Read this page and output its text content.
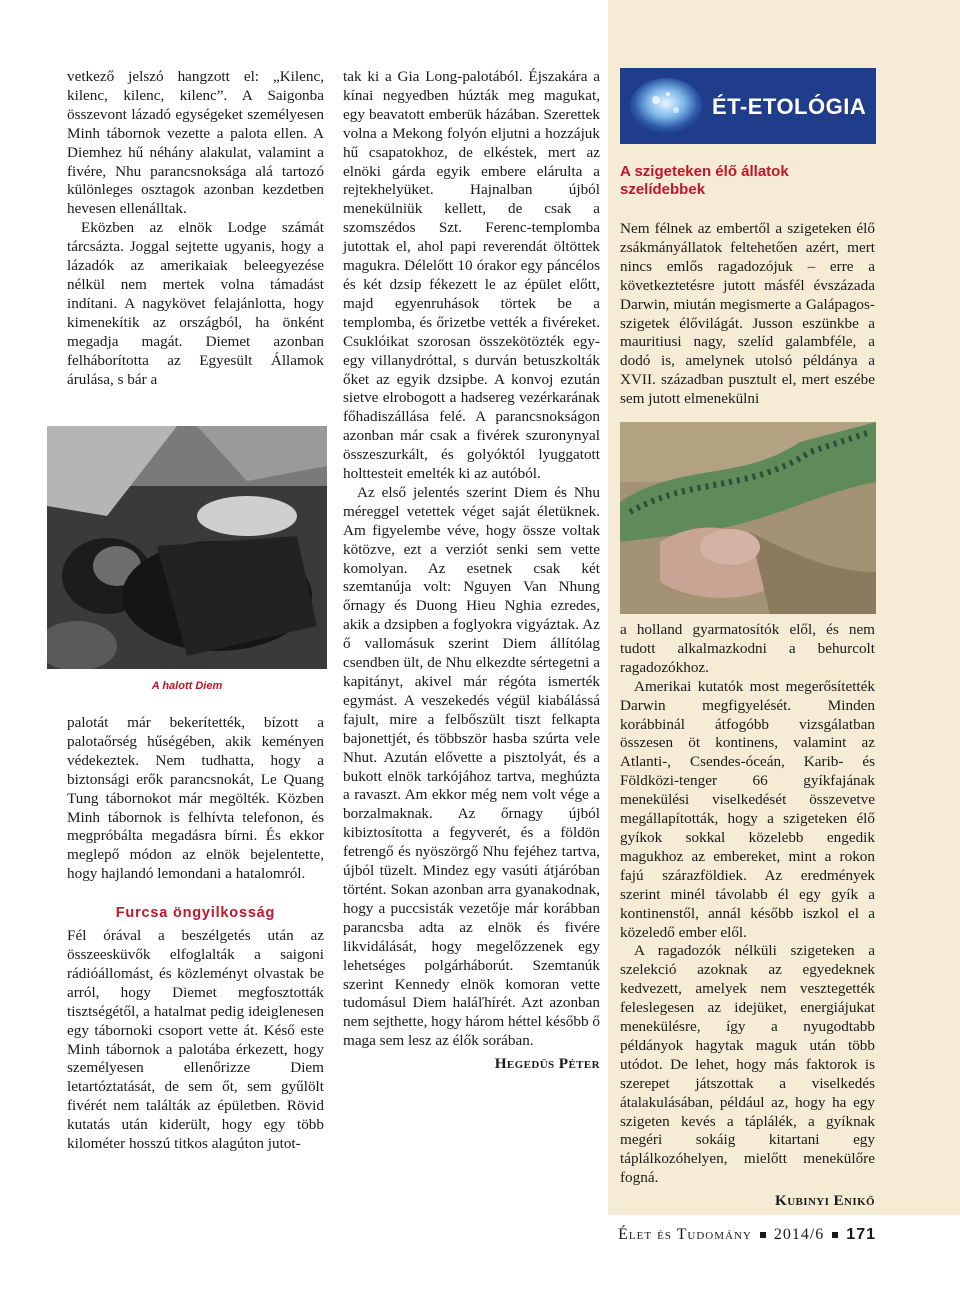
vetkező jelszó hangzott el: „Kilenc, kilenc, kilenc, kilenc”. A Saigonba összevont lázadó egységeket személyesen Minh tábornok vezette a palota ellen. A Diemhez hű néhány alakulat, valamint a fivére, Nhu parancsnoksága alá tartozó különleges osztagok azonban kezdetben hevesen ellenálltak.

Eközben az elnök Lodge számát tárcsázta. Joggal sejtette ugyanis, hogy a lázadók az amerikaiak beleegyezése nélkül nem mertek volna támadást indítani. A nagykövet felajánlotta, hogy kimenekítik az országból, ha önként megadja magát. Diemet azonban felháborította az Egyesült Államok árulása, s bár a

A halott Diem

palotát már bekerítették, bízott a palotaőrség hűségében, akik keményen védekeztek. Nem tudhatta, hogy a biztonsági erők parancsnokát, Le Quang Tung tábornokot már megölték. Közben Minh tábornok is felhívta telefonon, és megpróbálta megadásra bírni. És ekkor meglepő módon az elnök bejelentette, hogy hajlandó lemondani a hatalomról.

Furcsa öngyilkosság

Fél órával a beszélgetés után az összeesküvők elfoglalták a saigoni rádióállomást, és közleményt olvastak be arról, hogy Diemet megfosztották tisztségétől, a hatalmat pedig ideiglenesen egy tábornoki csoport vette át. Késő este Minh tábornok a palotába érkezett, hogy személyesen ellenőrizze Diem letartóztatását, de sem őt, sem gyűlölt fivérét nem találták az épületben. Rövid kutatás után kiderült, hogy egy több kilométer hosszú titkos alagúton jutot-

tak ki a Gia Long-palotából. Éjszakára a kínai negyedben húzták meg magukat, egy beavatott emberük házában. Szerettek volna a Mekong folyón eljutni a hozzájuk hű csapatokhoz, de elkéstek, mert az elnöki gárda egyik embere elárulta a rejtekhelyüket. Hajnalban újból menekülniük kellett, de csak a szomszédos Szt. Ferenc-templomba jutottak el, ahol papi reverendát öltöttek magukra. Délelőtt 10 órakor egy páncélos és két dzsip fékezett le az épület előtt, majd egyenruhások törtek be a templomba, és őrizetbe vették a fivéreket. Csuklóikat szorosan összekötözték egy-egy villanydróttal, s durván betuszkolták őket az egyik dzsipbe. A konvoj ezután sietve elrobogott a hadsereg vezérkarának főhadiszállása felé. A parancsnokságon azonban már csak a fivérek szuronynyal összeszurkált, és golyóktól lyuggatott holttesteit emelték ki az autóból.

Az első jelentés szerint Diem és Nhu méreggel vetettek véget saját életüknek. Am figyelembe véve, hogy össze voltak kötözve, ezt a verziót senki sem vette komolyan. Az esetnek csak két szemtanúja volt: Nguyen Van Nhung őrnagy és Duong Hieu Nghia ezredes, akik a dzsipben a foglyokra vigyáztak. Az ő vallomásuk szerint Diem állítólag csendben ült, de Nhu elkezdte sértegetni a kapitányt, akivel már régóta ismerték egymást. A veszekedés végül kiabálássá fajult, mire a felbőszült tiszt felkapta bajonettjét, és többször hasba szúrta vele Nhut. Azután elővette a pisztolyát, és a bukott elnök tarkójához tartva, meghúzta a ravaszt. Am ekkor még nem volt vége a borzalmaknak. Az őrnagy újból kibiztosította a fegyverét, és a földön fetrengő és nyöszörgő Nhu fejéhez tartva, újból tüzelt. Mindez egy vasúti átjáróban történt. Sokan azonban arra gyanakodnak, hogy a puccsisták vezetője már korábban parancsba adta az elnök és fivére likvidálását, hogy megelőzzenek egy lehetséges polgárháborút. Szemtanúk szerint Kennedy elnök komoran vette tudomásul Diem haláľhírét. Azt azonban nem sejthette, hogy három héttel később ő maga sem lesz az élők sorában.

Hegedüs Péter
ÉT-ETOLÓGIA
A szigeteken élő állatok szelídebbek

Nem félnek az embertől a szigeteken élő zsákmányállatok feltehetően azért, mert nincs emlős ragadozójuk – erre a következtetésre jutott másfél évszázada Darwin, miután megismerte a Galápagos-szigetek élővilágát. Jusson eszünkbe a mauritiusi nagy, szelíd galambféle, a dodó is, amelynek utolsó példánya a XVII. században pusztult el, mert eszébe sem jutott elmenekülni

a holland gyarmatosítók elől, és nem tudott alkalmazkodni a behurcolt ragadozókhoz.

Amerikai kutatók most megerősítették Darwin megfigyelését. Minden korábbinál átfogóbb vizsgálatban összesen öt kontinens, valamint az Atlanti-, Csendes-óceán, Karib- és Földközi-tenger 66 gyíkfajának menekülési viselkedését összevetve megállapították, hogy a szigeteken élő gyíkok sokkal közelebb engedik magukhoz az embereket, mint a rokon fajú szárazföldiek. Az eredmények szerint minél távolabb él egy gyík a kontinenstől, annál később iszkol el a közeledő ember elől.

A ragadozók nélküli szigeteken a szelekció azoknak az egyedeknek kedvezett, amelyek nem vesztegették feleslegesen az idejüket, energiájukat menekülésre, így a nyugodtabb példányok hagytak maguk után több utódot. De lehet, hogy más faktorok is szerepet játszottak a viselkedés átalakulásában, például az, hogy ha egy szigeten kevés a táplálék, a gyíknak megéri sokáig kitartani egy táplálkozóhelyen, mielőtt menekülőre fogná.

Kubinyi Enikő
Élet és Tudomány 2014/6 171
